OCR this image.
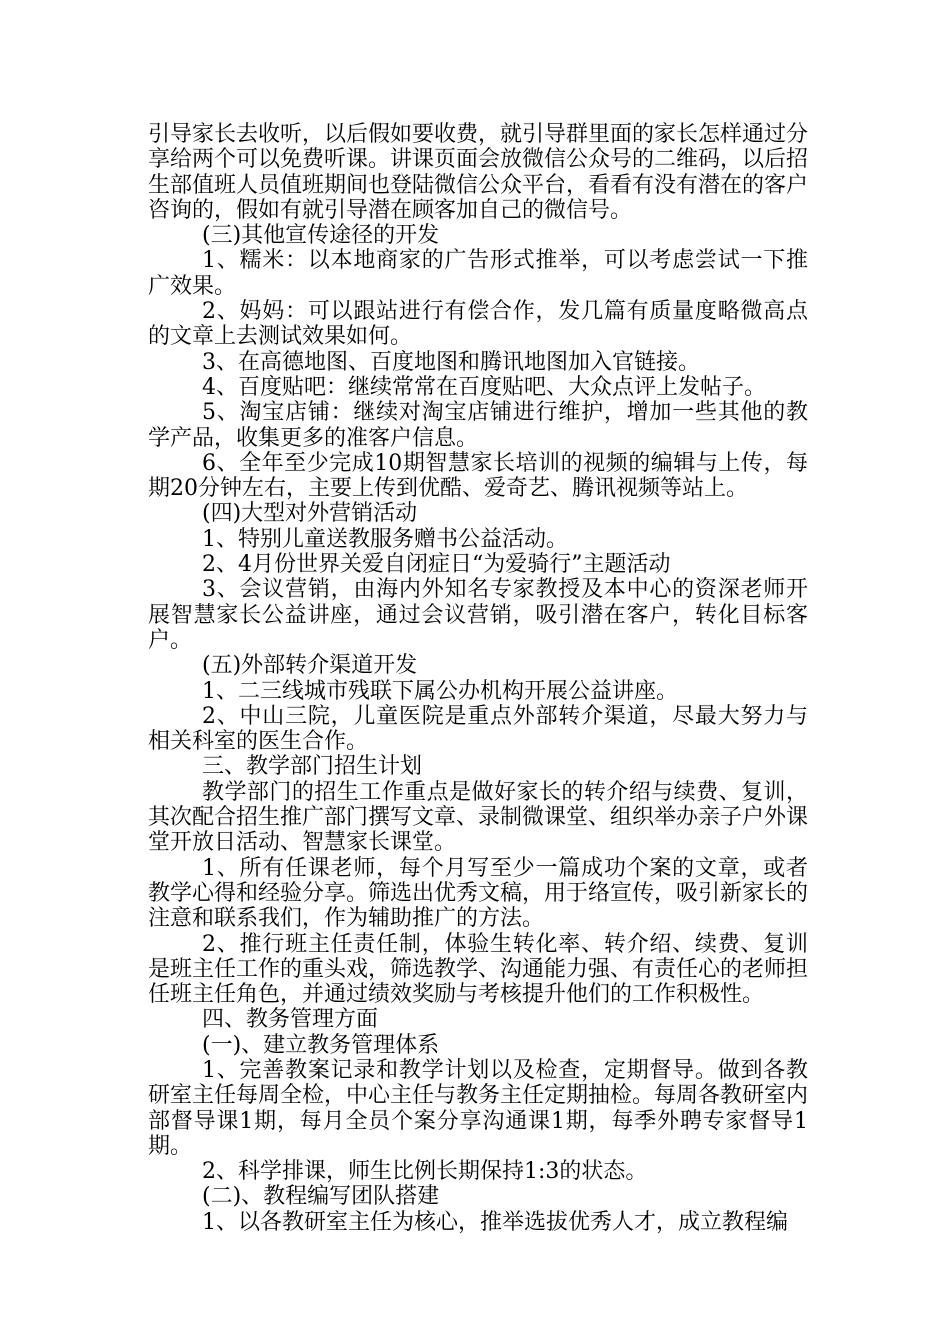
引导家长去收听，以后假如要收费，就引导群里面的家长怎样通过分享给两个可以免费听课。讲课页面会放微信公众号的二维码，以后招生部值班人员值班期间也登陆微信公众平台，看看有没有潜在的客户咨询的，假如有就引导潜在顾客加自己的微信号。

(三)其他宣传途径的开发

1、糯米：以本地商家的广告形式推举，可以考虑尝试一下推广效果。

2、妈妈：可以跟站进行有偿合作，发几篇有质量度略微高点的文章上去测试效果如何。

3、在高德地图、百度地图和腾讯地图加入官链接。

4、百度贴吧：继续常常在百度贴吧、大众点评上发帖子。

5、淘宝店铺：继续对淘宝店铺进行维护，增加一些其他的教学产品，收集更多的准客户信息。

6、全年至少完成10期智慧家长培训的视频的编辑与上传，每期20分钟左右，主要上传到优酷、爱奇艺、腾讯视频等站上。

(四)大型对外营销活动

1、特别儿童送教服务赠书公益活动。

2、4月份世界关爱自闭症日“为爱骑行”主题活动

3、会议营销，由海内外知名专家教授及本中心的资深老师开展智慧家长公益讲座，通过会议营销，吸引潜在客户，转化目标客户。

(五)外部转介渠道开发

1、二三线城市残联下属公办机构开展公益讲座。

2、中山三院，儿童医院是重点外部转介渠道，尽最大努力与相关科室的医生合作。

三、教学部门招生计划

教学部门的招生工作重点是做好家长的转介绍与续费、复训，其次配合招生推广部门撰写文章、录制微课堂、组织举办亲子户外课堂开放日活动、智慧家长课堂。

1、所有任课老师，每个月写至少一篇成功个案的文章，或者教学心得和经验分享。筛选出优秀文稿，用于络宣传，吸引新家长的注意和联系我们，作为辅助推广的方法。

2、推行班主任责任制，体验生转化率、转介绍、续费、复训是班主任工作的重头戏，筛选教学、沟通能力强、有责任心的老师担任班主任角色，并通过绩效奖励与考核提升他们的工作积极性。

四、教务管理方面

(一)、建立教务管理体系

1、完善教案记录和教学计划以及检查，定期督导。做到各教研室主任每周全检，中心主任与教务主任定期抽检。每周各教研室内部督导课1期，每月全员个案分享沟通课1期，每季外聘专家督导1期。

2、科学排课，师生比例长期保持1:3的状态。

(二)、教程编写团队搭建

1、以各教研室主任为核心，推举选拔优秀人才，成立教程编
